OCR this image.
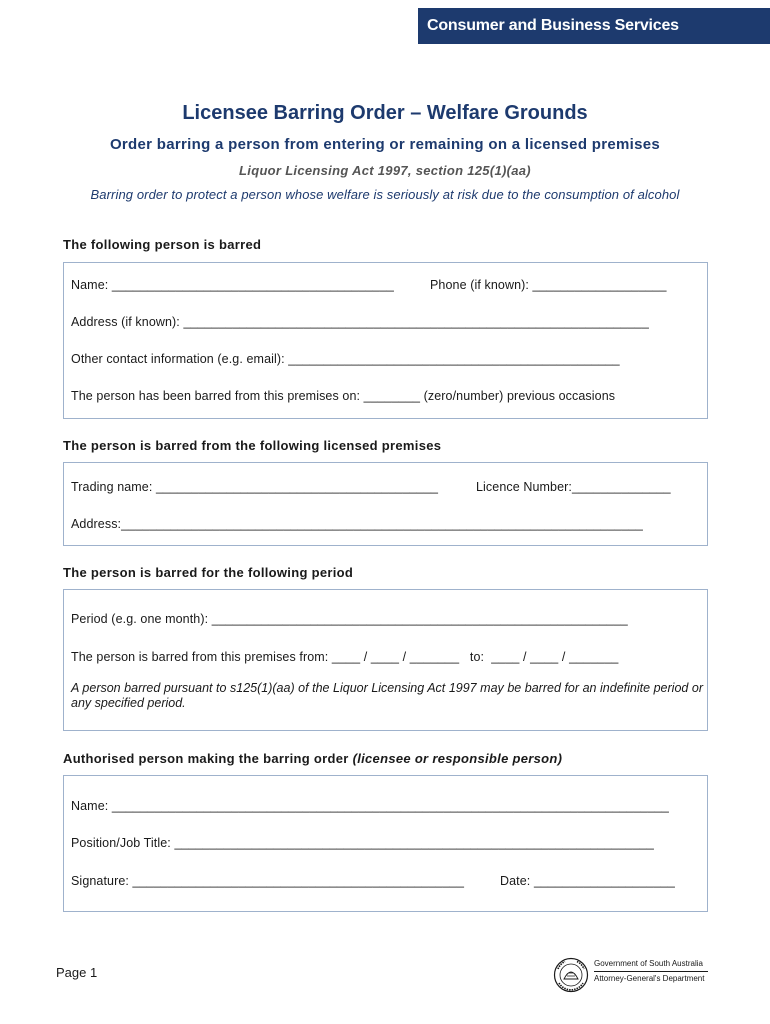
Consumer and Business Services
Licensee Barring Order – Welfare Grounds
Order barring a person from entering or remaining on a licensed premises
Liquor Licensing Act 1997, section 125(1)(aa)
Barring order to protect a person whose welfare is seriously at risk due to the consumption of alcohol
The following person is barred
Name: ________________________________________	Phone (if known): ___________________
Address (if known): __________________________________________________________________
Other contact information (e.g. email): _______________________________________________
The person has been barred from this premises on: ________ (zero/number) previous occasions
The person is barred from the following licensed premises
Trading name: ________________________________________	Licence Number:______________
Address:__________________________________________________________________________
The person is barred for the following period
Period (e.g. one month): ___________________________________________________________
The person is barred from this premises from: ____ / ____ / _______   to:  ____ / ____ / _______
A person barred pursuant to s125(1)(aa) of the Liquor Licensing Act 1997 may be barred for an indefinite period or any specified period.
Authorised person making the barring order (licensee or responsible person)
Name: _______________________________________________________________________________
Position/Job Title: ____________________________________________________________________
Signature: _______________________________________________	Date: ____________________
Page 1
Government of South Australia
Attorney-General's Department
